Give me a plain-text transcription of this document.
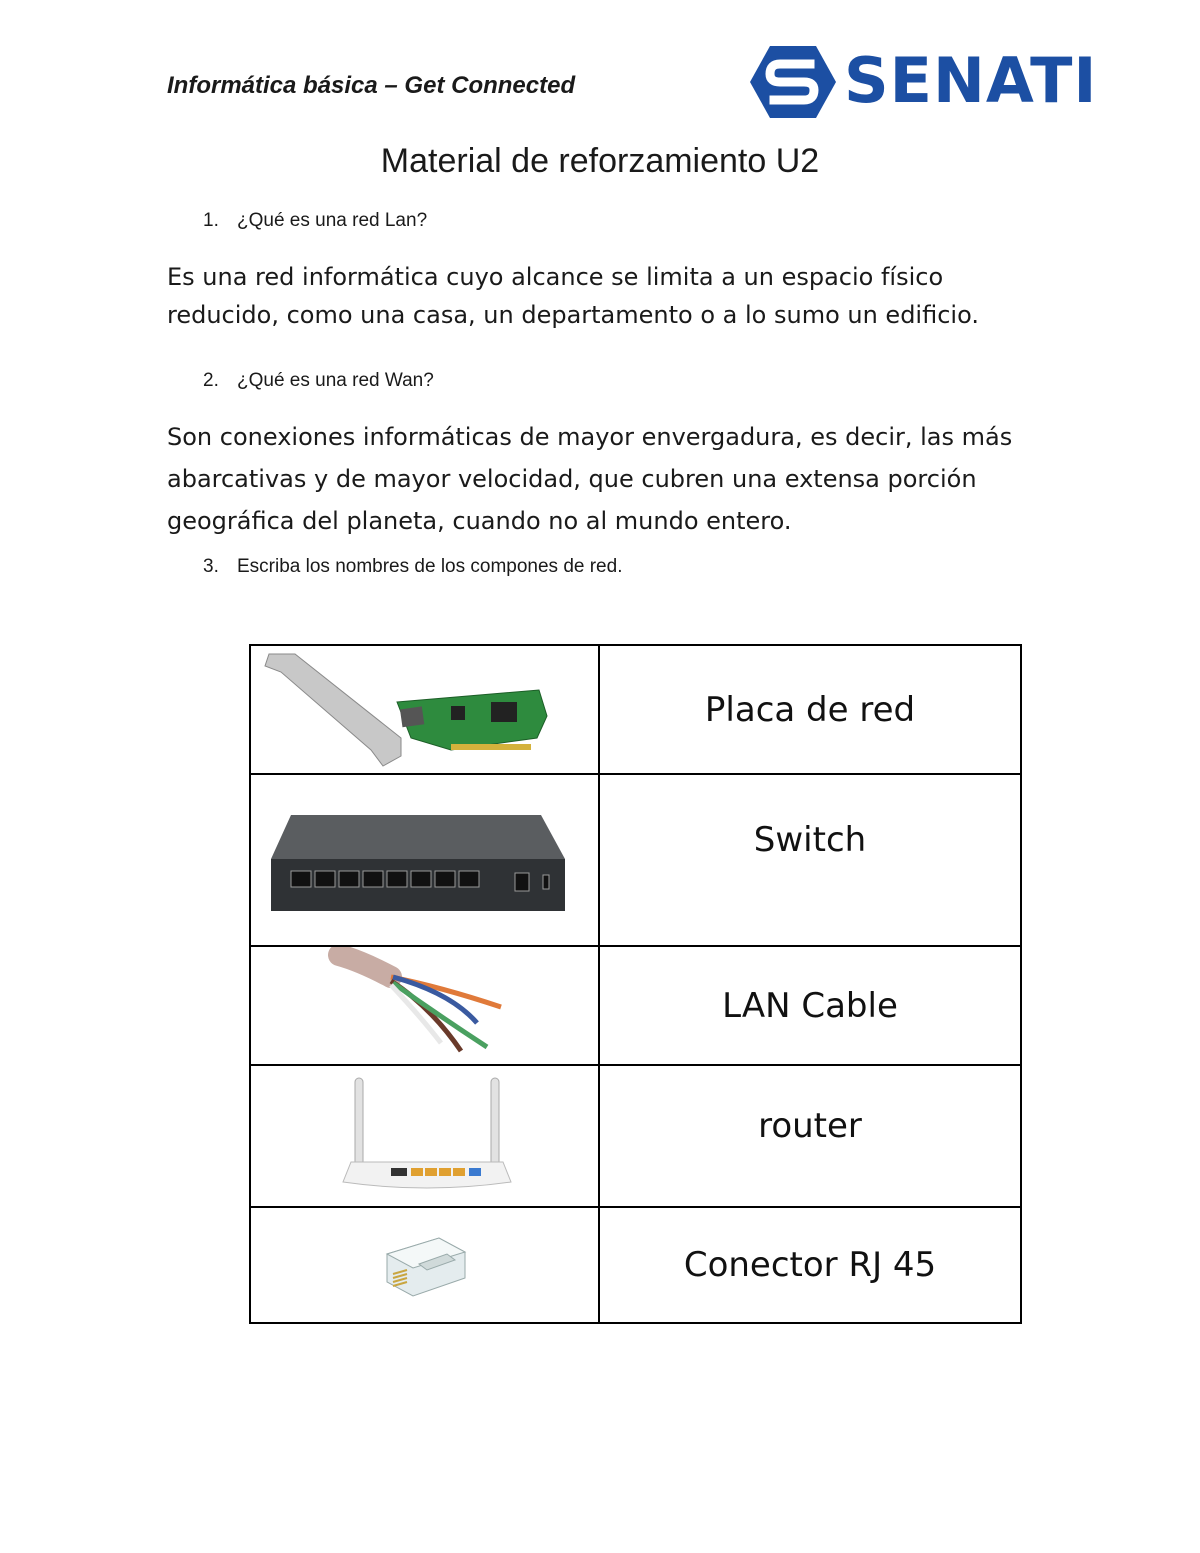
Informática básica – Get Connected	SENATI
Material de reforzamiento U2
1. ¿Qué es una red Lan?
Es una red informática cuyo alcance se limita a un espacio físico reducido, como una casa, un departamento o a lo sumo un edificio.
2. ¿Qué es una red Wan?
Son conexiones informáticas de mayor envergadura, es decir, las más abarcativas y de mayor velocidad, que cubren una extensa porción geográfica del planeta, cuando no al mundo entero.
3. Escriba los nombres de los compones de red.

Placa de red

Switch

LAN Cable

router

Conector RJ 45
